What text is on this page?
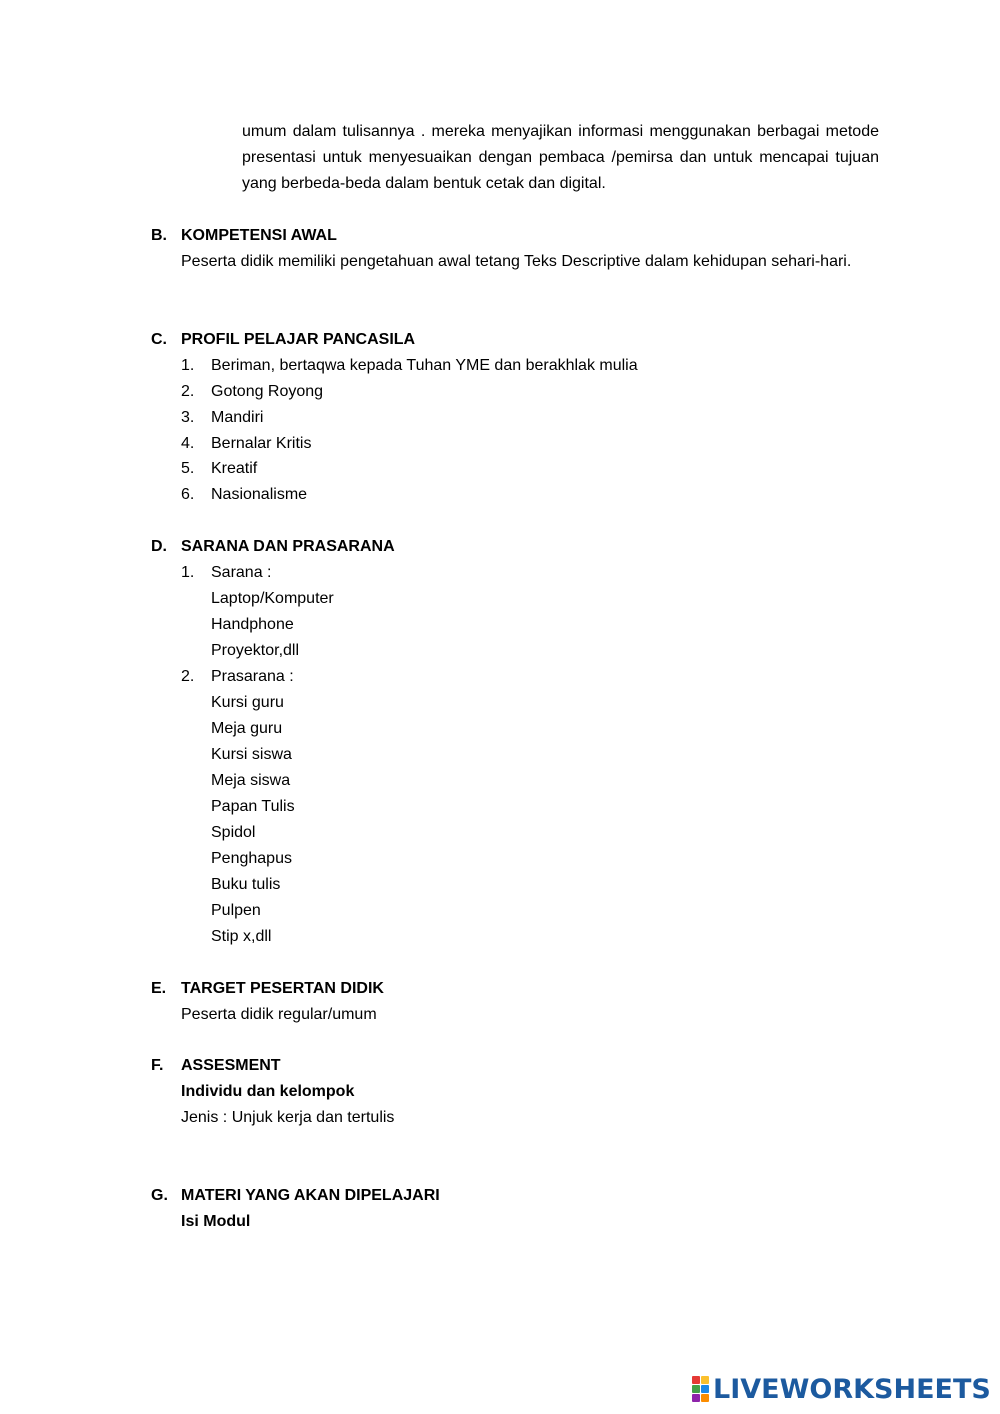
umum dalam tulisannya . mereka menyajikan informasi menggunakan berbagai metode presentasi untuk menyesuaikan dengan pembaca /pemirsa dan untuk mencapai tujuan yang berbeda-beda dalam bentuk cetak dan digital.
B. KOMPETENSI AWAL
Peserta didik memiliki pengetahuan awal tetang Teks Descriptive dalam kehidupan sehari-hari.
C. PROFIL PELAJAR PANCASILA
1.	Beriman, bertaqwa kepada Tuhan YME dan berakhlak mulia
2.	Gotong Royong
3.	Mandiri
4.	Bernalar Kritis
5.	Kreatif
6.	Nasionalisme
D. SARANA DAN PRASARANA
1.	Sarana :
Laptop/Komputer
Handphone
Proyektor,dll
2.	Prasarana :
Kursi guru
Meja guru
Kursi siswa
Meja siswa
Papan Tulis
Spidol
Penghapus
Buku tulis
Pulpen
Stip x,dll
E. TARGET PESERTAN DIDIK
Peserta didik regular/umum
F. ASSESMENT
Individu dan kelompok
Jenis : Unjuk kerja dan tertulis
G. MATERI YANG AKAN DIPELAJARI
Isi Modul
LIVEWORKSHEETS
